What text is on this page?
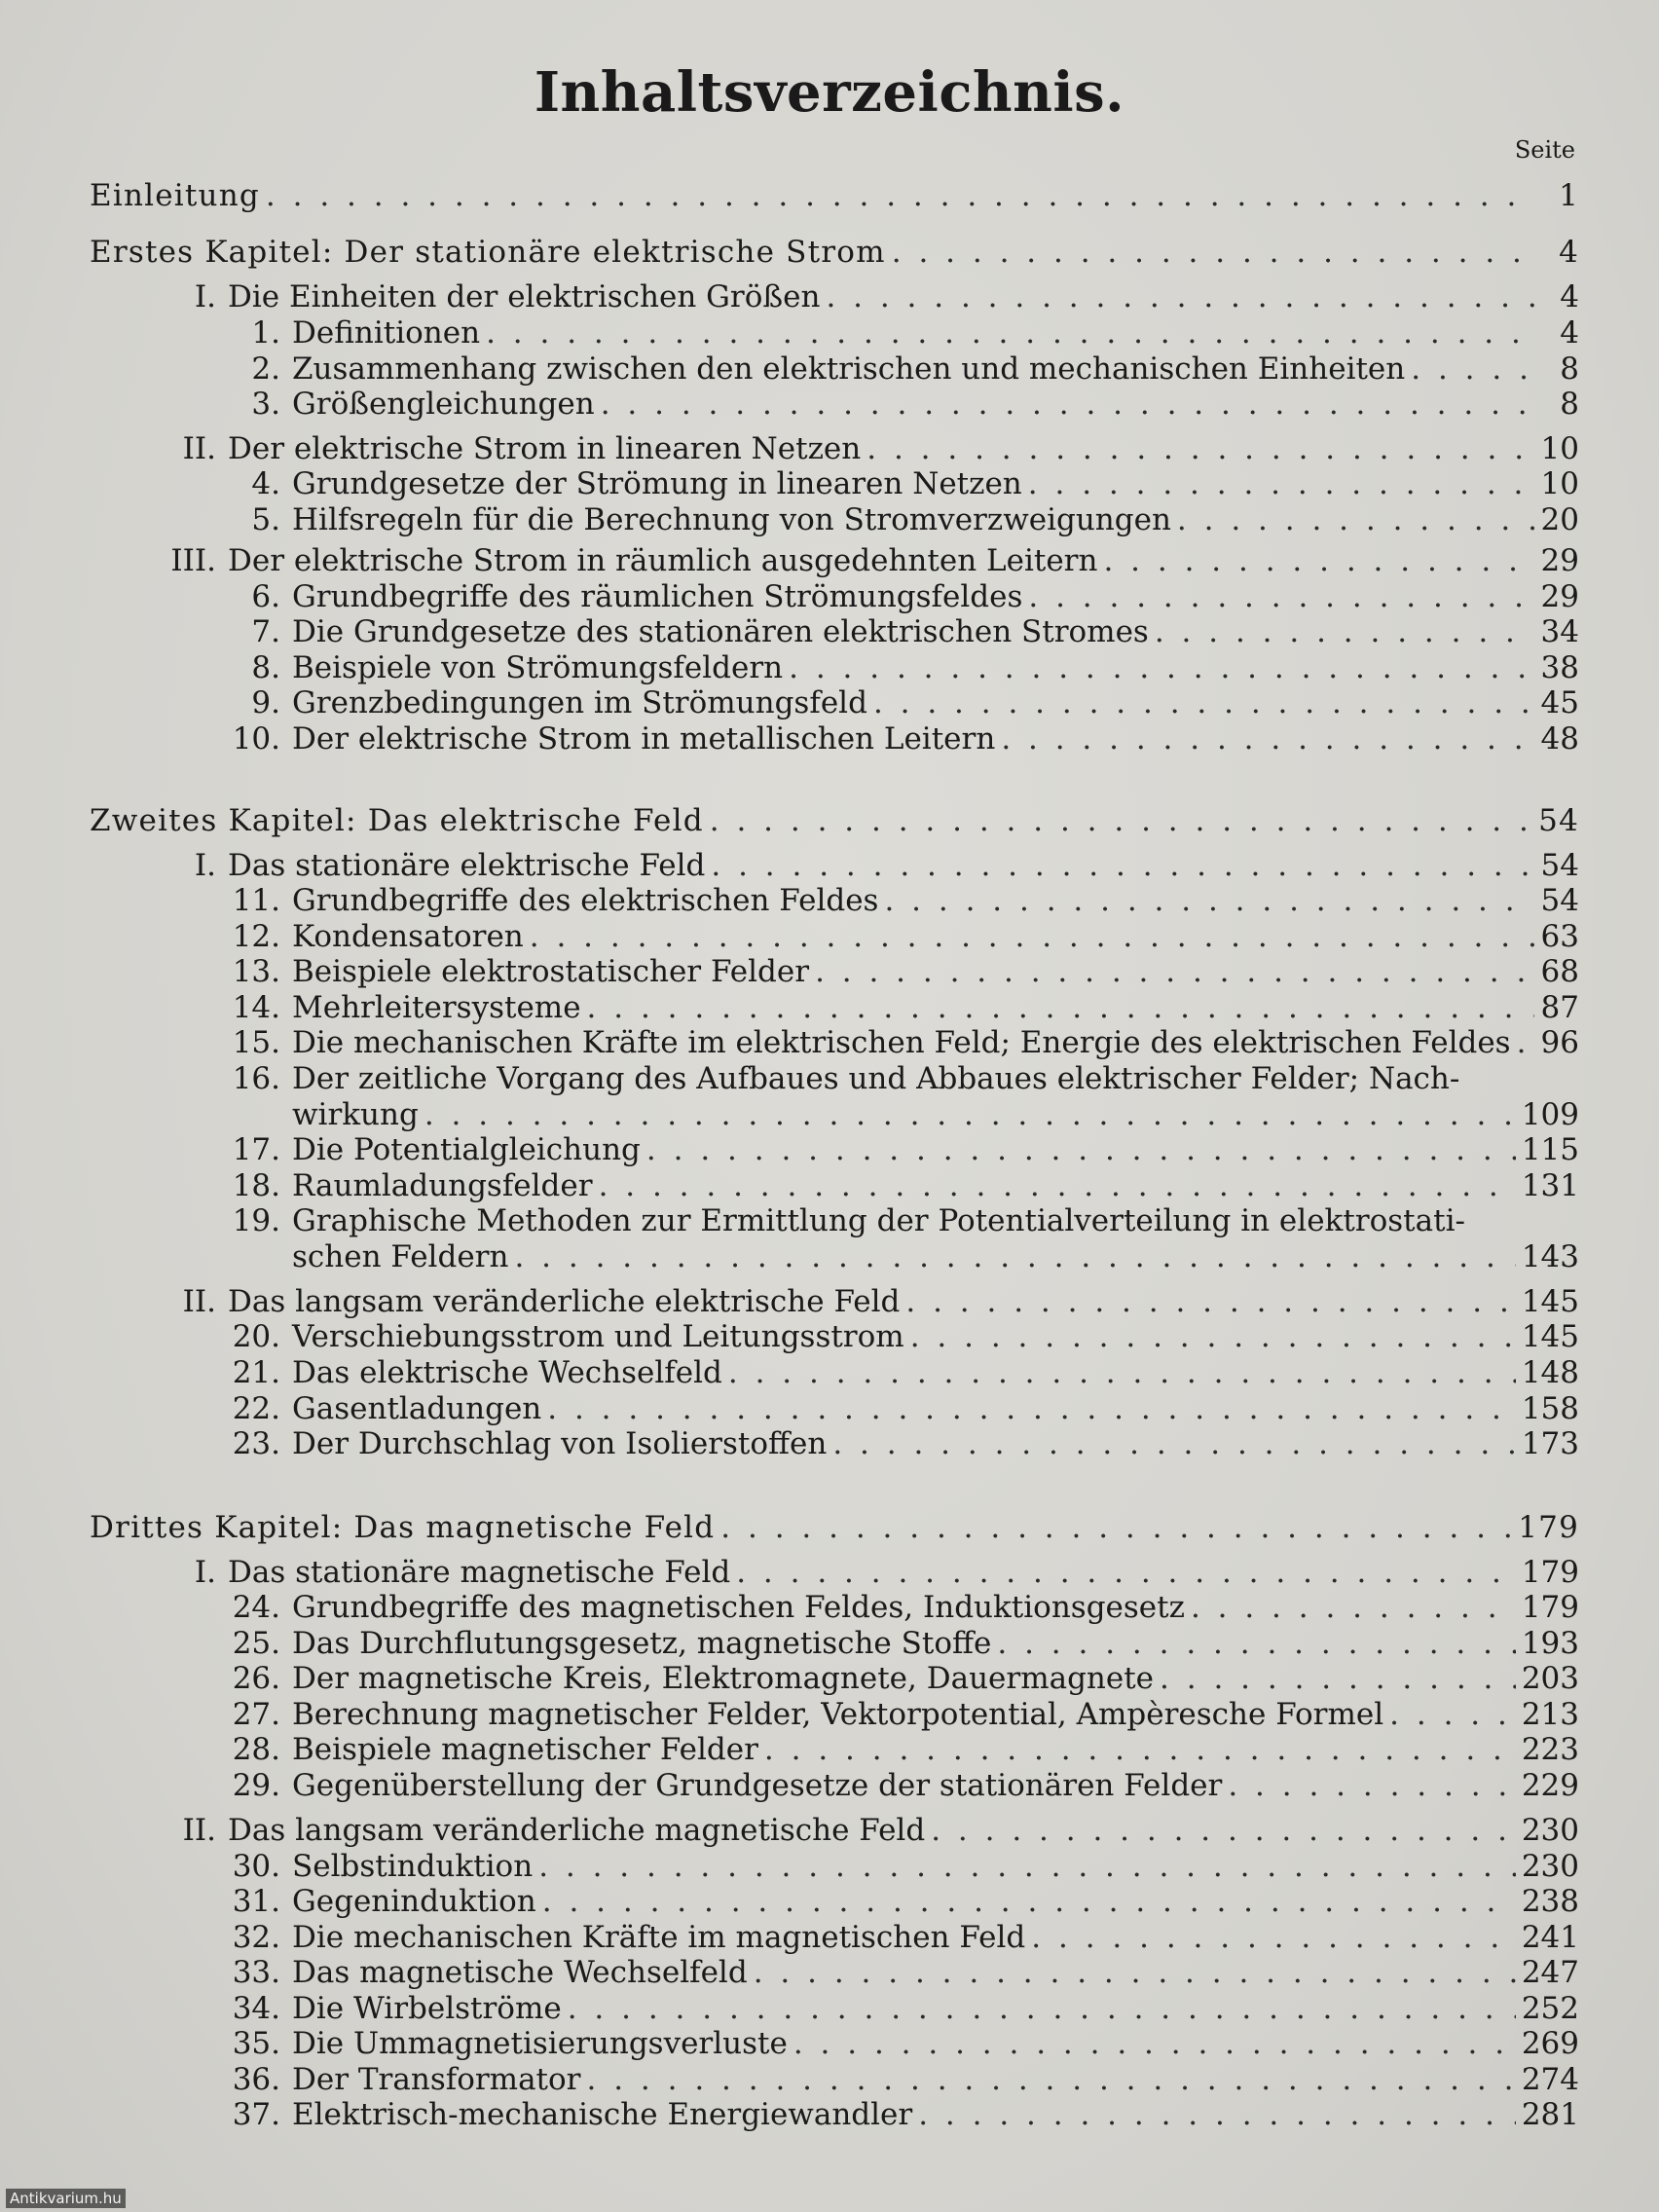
Inhaltsverzeichnis.
Seite
Einleitung . . .	1
Erstes Kapitel: Der stationäre elektrische Strom . . .	4
I. Die Einheiten der elektrischen Größen . . .	4
1. Definitionen . . .	4
2. Zusammenhang zwischen den elektrischen und mechanischen Einheiten . . .	8
3. Größengleichungen . . .	8
II. Der elektrische Strom in linearen Netzen . . .	10
4. Grundgesetze der Strömung in linearen Netzen . . .	10
5. Hilfsregeln für die Berechnung von Stromverzweigungen . . .	20
III. Der elektrische Strom in räumlich ausgedehnten Leitern . . .	29
6. Grundbegriffe des räumlichen Strömungsfeldes . . .	29
7. Die Grundgesetze des stationären elektrischen Stromes . . .	34
8. Beispiele von Strömungsfeldern . . .	38
9. Grenzbedingungen im Strömungsfeld . . .	45
10. Der elektrische Strom in metallischen Leitern . . .	48
Zweites Kapitel: Das elektrische Feld . . .	54
I. Das stationäre elektrische Feld . . .	54
11. Grundbegriffe des elektrischen Feldes . . .	54
12. Kondensatoren . . .	63
13. Beispiele elektrostatischer Felder . . .	68
14. Mehrleitersysteme . . .	87
15. Die mechanischen Kräfte im elektrischen Feld; Energie des elektrischen Feldes . . . 96
16. Der zeitliche Vorgang des Aufbaues und Abbaues elektrischer Felder; Nach-
wirkung . . .	109
17. Die Potentialgleichung . . .	115
18. Raumladungsfelder . . .	131
19. Graphische Methoden zur Ermittlung der Potentialverteilung in elektrostati-
schen Feldern . . .	143
II. Das langsam veränderliche elektrische Feld . . .	145
20. Verschiebungsstrom und Leitungsstrom . . .	145
21. Das elektrische Wechselfeld . . .	148
22. Gasentladungen . . .	158
23. Der Durchschlag von Isolierstoffen . . .	173
Drittes Kapitel: Das magnetische Feld . . .	179
I. Das stationäre magnetische Feld . . .	179
24. Grundbegriffe des magnetischen Feldes, Induktionsgesetz . . .	179
25. Das Durchflutungsgesetz, magnetische Stoffe . . .	193
26. Der magnetische Kreis, Elektromagnete, Dauermagnete . . .	203
27. Berechnung magnetischer Felder, Vektorpotential, Ampèresche Formel . . .	213
28. Beispiele magnetischer Felder . . .	223
29. Gegenüberstellung der Grundgesetze der stationären Felder . . .	229
II. Das langsam veränderliche magnetische Feld . . .	230
30. Selbstinduktion . . .	230
31. Gegeninduktion . . .	238
32. Die mechanischen Kräfte im magnetischen Feld . . .	241
33. Das magnetische Wechselfeld . . .	247
34. Die Wirbelströme . . .	252
35. Die Ummagnetisierungsverluste . . .	269
36. Der Transformator . . .	274
37. Elektrisch-mechanische Energiewandler . . .	281
Antikvarium.hu
